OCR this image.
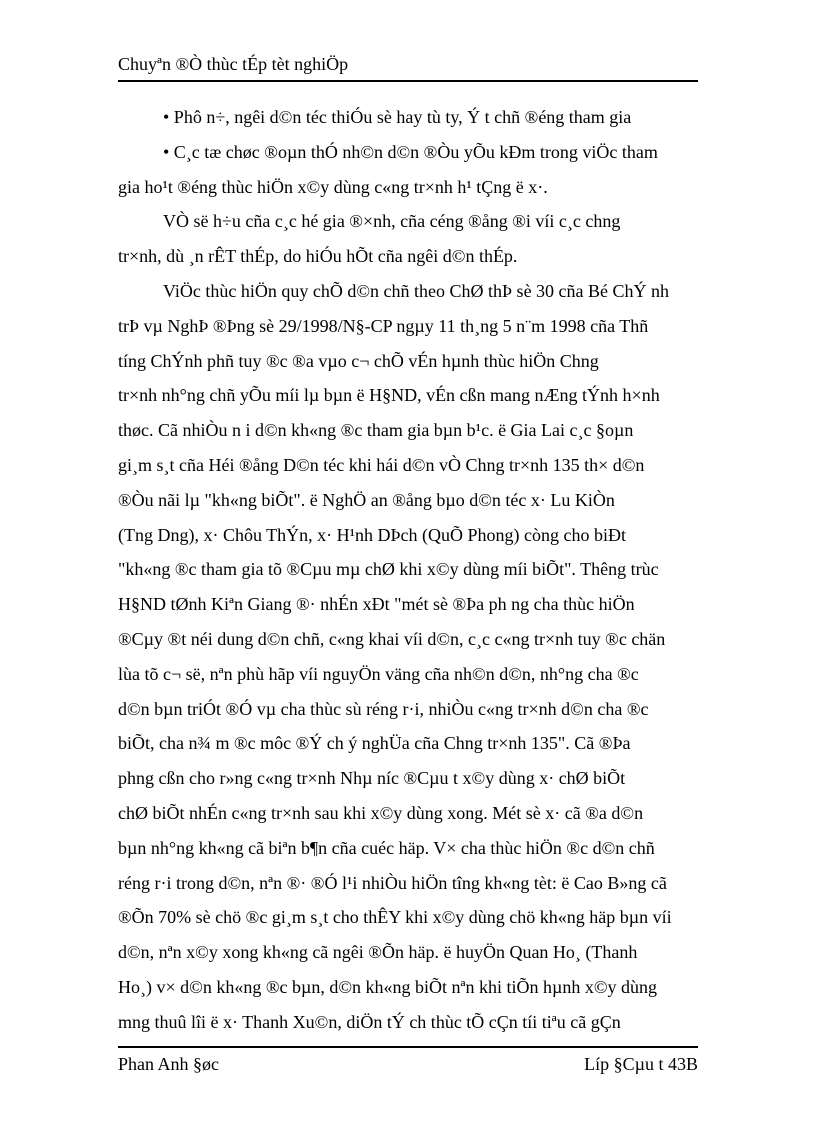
Chuyªn ®Ò thùc tÉp tèt nghiÖp
• Phô n÷, ngêi d©n téc thiÓu sè hay tù ty, Ý t chñ ®éng tham gia
• C¸c tæ chøc ®oµn thÓ nh©n d©n ®Òu yÕu kÐm trong viÖc tham
gia ho¹t ®éng thùc hiÖn x©y dùng c«ng tr×nh h¹ tÇng ë x·.
VÒ së h÷u cña c¸c hé gia ®×nh, cña céng ®ång ®i víi c¸c chng
tr×nh, dù ¸n rÊT thÉp, do hiÓu hÕt cña ngêi d©n thÉp.
ViÖc thùc hiÖn quy chÕ d©n chñ theo ChØ thÞ sè 30 cña Bé ChÝ nh
trÞ vµ NghÞ ®Þng sè 29/1998/N§-CP ngµy 11 th¸ng 5 n¨m 1998 cña Thñ
tíng ChÝnh phñ tuy ®c ®a vµo c¬ chÕ vÉn hµnh thùc hiÖn Chng
tr×nh nh°ng chñ yÕu míi lµ bµn ë H§ND, vÉn cßn mang nÆng tÝnh h×nh
thøc. Cã nhiÒu n i d©n kh«ng ®c tham gia bµn b¹c. ë Gia Lai c¸c §oµn
gi¸m s¸t cña Héi ®ång D©n téc khi hái d©n vÒ Chng tr×nh 135 th× d©n
®Òu nãi lµ "kh«ng biÕt". ë NghÖ an ®ång bµo d©n téc x· Lu KiÒn
(Tng Dng), x· Chôu ThÝn, x· H¹nh DÞch (QuÕ Phong) còng cho biÐt
"kh«ng ®c tham gia tõ ®Cµu mµ chØ khi x©y dùng míi biÕt". Thêng trùc
H§ND tØnh Kiªn Giang ®· nhÉn xÐt "mét sè ®Þa ph ng cha thùc hiÖn
®Cµy ®t néi dung d©n chñ, c«ng khai víi d©n, c¸c c«ng tr×nh tuy ®c chän
lùa tõ c¬ së, nªn phù hãp víi nguyÖn väng cña nh©n d©n, nh°ng cha ®c
d©n bµn triÓt ®Ó vµ cha thùc sù réng r·i, nhiÒu c«ng tr×nh d©n cha ®c
biÕt, cha n¾ m ®c môc ®Ý ch ý nghÜa cña Chng tr×nh 135". Cã ®Þa
phng cßn cho r»ng c«ng tr×nh Nhµ níc ®Cµu t x©y dùng x· chØ biÕt
chØ biÕt nhÉn c«ng tr×nh sau khi x©y dùng xong. Mét sè x· cã ®a d©n
bµn nh°ng kh«ng cã biªn b¶n cña cuéc häp. V× cha thùc hiÖn ®c d©n chñ
réng r·i trong d©n, nªn ®· ®Ó l¹i nhiÒu hiÖn tîng kh«ng tèt: ë Cao B»ng cã
®Õn 70% sè chö ®c gi¸m s¸t cho thÊY khi x©y dùng chö kh«ng häp bµn víi
d©n, nªn x©y xong kh«ng cã ngêi ®Õn häp. ë huyÖn Quan Ho¸ (Thanh
Ho¸) v× d©n kh«ng ®c bµn, d©n kh«ng biÕt nªn khi tiÕn hµnh x©y dùng
mng thuû lîi ë x· Thanh Xu©n, diÖn tÝ ch thùc tÕ cÇn tíi tiªu cã gÇn
Phan Anh §øc	Líp §Cµu t 43B
